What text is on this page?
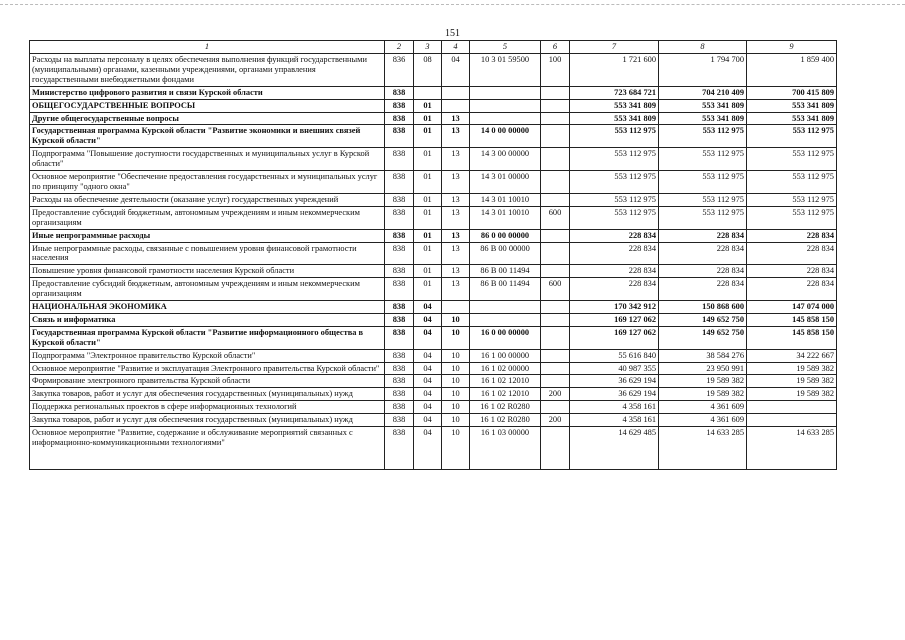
151
1	2	3	4	5	6	7	8	9
Расходы на выплаты персоналу в целях обеспечения выполнения функций государственными (муниципальными) органами, казенными учреждениями, органами управления государственными внебюджетными фондами	836	08	04	10 3 01 59500	100	1 721 600	1 794 700	1 859 400
Министерство цифрового развития и связи Курской области	838					723 684 721	704 210 409	700 415 809
ОБЩЕГОСУДАРСТВЕННЫЕ ВОПРОСЫ	838	01				553 341 809	553 341 809	553 341 809
Другие общегосударственные вопросы	838	01	13			553 341 809	553 341 809	553 341 809
Государственная программа Курской области "Развитие экономики и внешних связей Курской области"	838	01	13	14 0 00 00000		553 112 975	553 112 975	553 112 975
Подпрограмма "Повышение доступности государственных и муниципальных услуг в Курской области"	838	01	13	14 3 00 00000		553 112 975	553 112 975	553 112 975
Основное мероприятие "Обеспечение предоставления государственных и муниципальных услуг по принципу "одного окна"	838	01	13	14 3 01 00000		553 112 975	553 112 975	553 112 975
Расходы на обеспечение деятельности (оказание услуг) государственных учреждений	838	01	13	14 3 01 10010		553 112 975	553 112 975	553 112 975
Предоставление субсидий бюджетным, автономным учреждениям и иным некоммерческим организациям	838	01	13	14 3 01 10010	600	553 112 975	553 112 975	553 112 975
Иные непрограммные расходы	838	01	13	86 0 00 00000		228 834	228 834	228 834
Иные непрограммные расходы, связанные с повышением уровня финансовой грамотности населения	838	01	13	86 В 00 00000		228 834	228 834	228 834
Повышение уровня финансовой грамотности населения Курской области	838	01	13	86 В 00 11494		228 834	228 834	228 834
Предоставление субсидий бюджетным, автономным учреждениям и иным некоммерческим организациям	838	01	13	86 В 00 11494	600	228 834	228 834	228 834
НАЦИОНАЛЬНАЯ ЭКОНОМИКА	838	04				170 342 912	150 868 600	147 074 000
Связь и информатика	838	04	10			169 127 062	149 652 750	145 858 150
Государственная программа Курской области "Развитие информационного общества в Курской области"	838	04	10	16 0 00 00000		169 127 062	149 652 750	145 858 150
Подпрограмма "Электронное правительство Курской области"	838	04	10	16 1 00 00000		55 616 840	38 584 276	34 222 667
Основное мероприятие "Развитие и эксплуатация Электронного правительства Курской области"	838	04	10	16 1 02 00000		40 987 355	23 950 991	19 589 382
Формирование электронного правительства Курской области	838	04	10	16 1 02 12010		36 629 194	19 589 382	19 589 382
Закупка товаров, работ и услуг для обеспечения государственных (муниципальных) нужд	838	04	10	16 1 02 12010	200	36 629 194	19 589 382	19 589 382
Поддержка региональных проектов в сфере информационных технологий	838	04	10	16 1 02 R0280		4 358 161	4 361 609	
Закупка товаров, работ и услуг для обеспечения государственных (муниципальных) нужд	838	04	10	16 1 02 R0280	200	4 358 161	4 361 609	
Основное мероприятие "Развитие, содержание и обслуживание мероприятий связанных с информационно-коммуникационными технологиями"	838	04	10	16 1 03 00000		14 629 485	14 633 285	14 633 285
